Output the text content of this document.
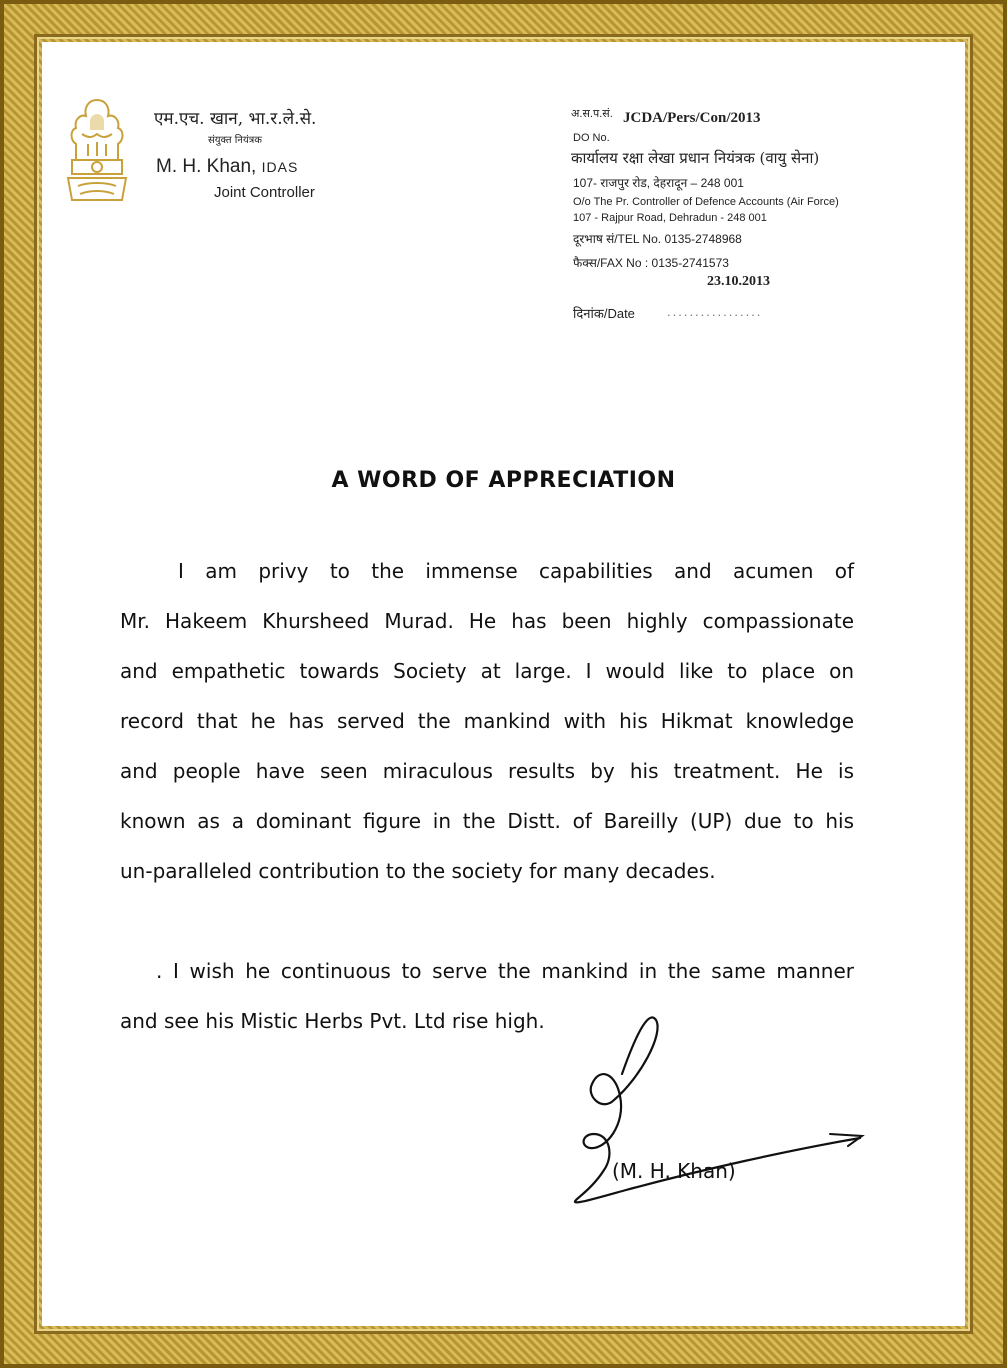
एम.एच. खान, भा.र.ले.से.
संयुक्त नियंत्रक
M. H. Khan, IDAS
Joint Controller
अ.स.प.सं. JCDA/Pers/Con/2013
DO No.
कार्यालय रक्षा लेखा प्रधान नियंत्रक (वायु सेना)
107- राजपुर रोड, देहरादून – 248 001
O/o The Pr. Controller of Defence Accounts (Air Force)
107 - Rajpur Road, Dehradun - 248 001
दूरभाष सं/TEL No. 0135-2748968
फैक्स/FAX No : 0135-2741573
23.10.2013
दिनांक/Date .................
A WORD OF APPRECIATION
I am privy to the immense capabilities and acumen of
Mr. Hakeem Khursheed Murad. He has been highly compassionate
and empathetic towards Society at large. I would like to place on
record that he has served the mankind with his Hikmat knowledge
and people have seen miraculous results by his treatment. He is
known as a dominant figure in the Distt. of Bareilly (UP) due to his
un-paralleled contribution to the society for many decades.
. I wish he continuous to serve the mankind in the same manner
and see his Mistic Herbs Pvt. Ltd rise high.
(M. H. Khan)
